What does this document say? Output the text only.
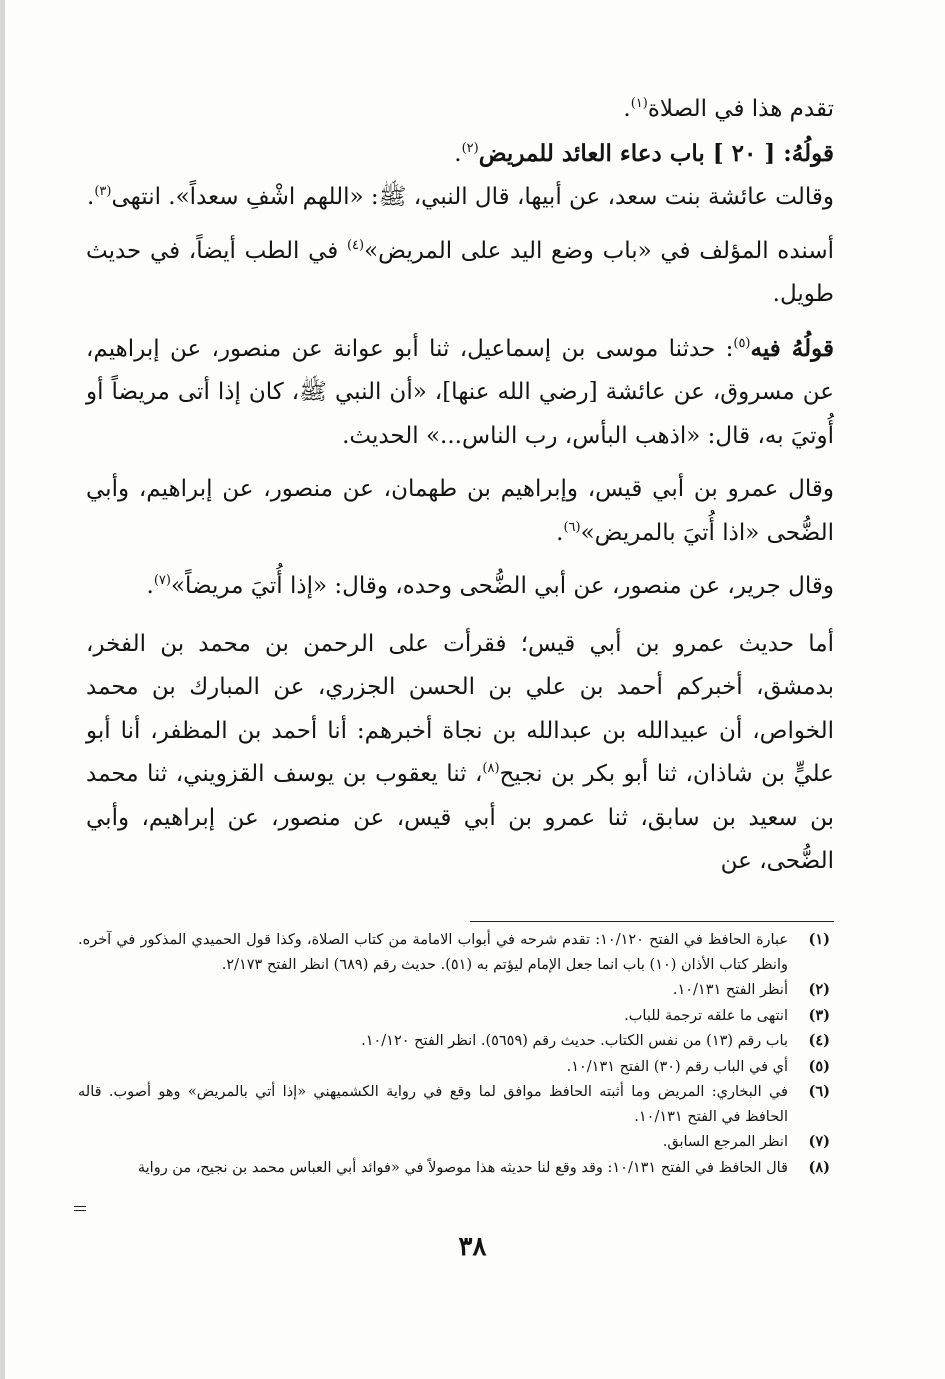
تقدم هذا في الصلاة$^{(١)}$.

قولُهُ: [ ٢٠ ] باب دعاء العائد للمريض$^{(٢)}$.

وقالت عائشة بنت سعد، عن أبيها، قال النبي، ﷺ: «اللهم اشْفِ سعداً». انتهى$^{(٣)}$.

أسنده المؤلف في «باب وضع اليد على المريض»$^{(٤)}$ في الطب أيضاً، في حديث طويل.

قولُهُ فيه$^{(٥)}$: حدثنا موسى بن إسماعيل، ثنا أبو عوانة عن منصور، عن إبراهيم، عن مسروق، عن عائشة [رضي الله عنها]، «أن النبي ﷺ، كان إذا أتى مريضاً أو أُوتيَ به، قال: «اذهب البأس، رب الناس...» الحديث.

وقال عمرو بن أبي قيس، وإبراهيم بن طهمان، عن منصور، عن إبراهيم، وأبي الضُّحى «اذا أُتيَ بالمريض»$^{(٦)}$.

وقال جرير، عن منصور، عن أبي الضُّحى وحده، وقال: «إذا أُتيَ مريضاً»$^{(٧)}$.

أما حديث عمرو بن أبي قيس؛ فقرأت على الرحمن بن محمد بن الفخر، بدمشق، أخبركم أحمد بن علي بن الحسن الجزري، عن المبارك بن محمد الخواص، أن عبيدالله بن عبدالله بن نجاة أخبرهم: أنا أحمد بن المظفر، أنا أبو عليٍّ بن شاذان، ثنا أبو بكر بن نجيح$^{(٨)}$، ثنا يعقوب بن يوسف القزويني، ثنا محمد بن سعيد بن سابق، ثنا عمرو بن أبي قيس، عن منصور، عن إبراهيم، وأبي الضُّحى، عن

(١)
عبارة الحافظ في الفتح ١٠/١٢٠: تقدم شرحه في أبواب الامامة من كتاب الصلاة، وكذا قول الحميدي المذكور في آخره. وانظر كتاب الأذان (١٠) باب انما جعل الإمام ليؤتم به (٥١). حديث رقم (٦٨٩) انظر الفتح ٢/١٧٣.
(٢)
أنظر الفتح ١٠/١٣١.
(٣)
انتهى ما علقه ترجمة للباب.
(٤)
باب رقم (١٣) من نفس الكتاب. حديث رقم (٥٦٥٩). انظر الفتح ١٠/١٢٠.
(٥)
أي في الباب رقم (٣٠) الفتح ١٠/١٣١.
(٦)
في البخاري: المريض وما أثبته الحافظ موافق لما وقع في رواية الكشميهني «إذا أتي بالمريض» وهو أصوب. قاله الحافظ في الفتح ١٠/١٣١.
(٧)
انظر المرجع السابق.
(٨)
قال الحافظ في الفتح ١٠/١٣١: وقد وقع لنا حديثه هذا موصولاً في «فوائد أبي العباس محمد بن نجيح، من رواية
٣٨
